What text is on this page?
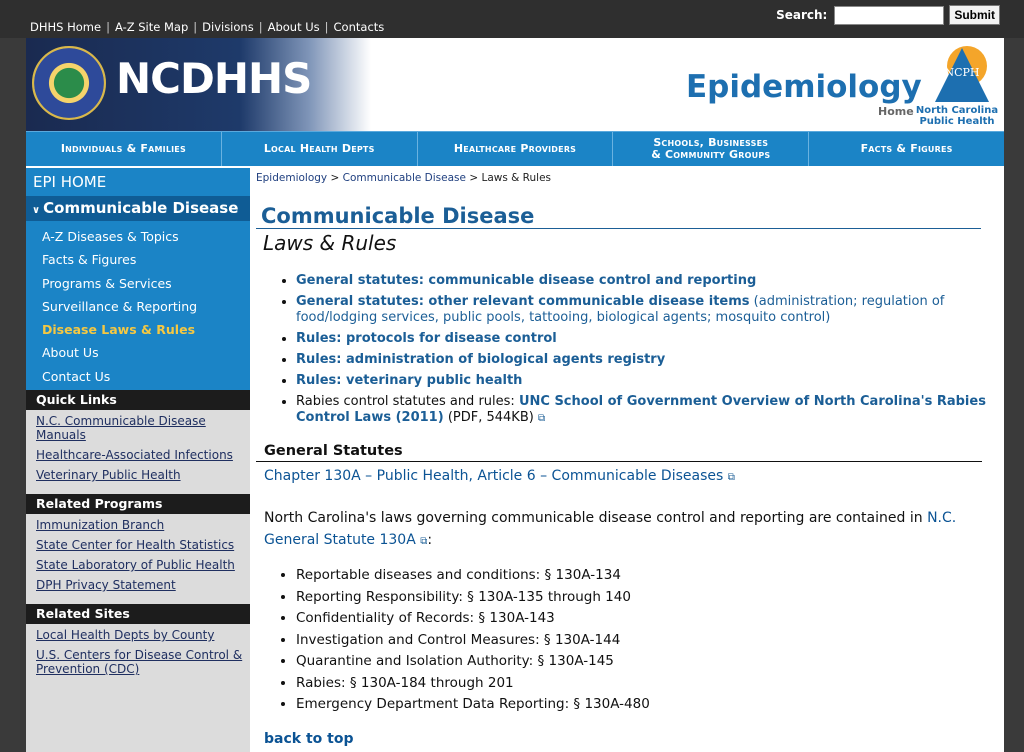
DHHS Home | A-Z Site Map | Divisions | About Us | Contacts
Search:	Submit
NCDHHS	Epidemiology
Home
NCPH
North Carolina
Public Health
Individuals & Families	Local Health Depts	Healthcare Providers	Schools, Businesses
& Community Groups	Facts & Figures
EPI HOME
∨ Communicable Disease
A-Z Diseases & Topics
Facts & Figures
Programs & Services
Surveillance & Reporting
Disease Laws & Rules
About Us
Contact Us
Quick Links
N.C. Communicable Disease Manuals
Healthcare-Associated Infections
Veterinary Public Health
Related Programs
Immunization Branch
State Center for Health Statistics
State Laboratory of Public Health
DPH Privacy Statement
Related Sites
Local Health Depts by County
U.S. Centers for Disease Control & Prevention (CDC)
Epidemiology > Communicable Disease > Laws & Rules
Communicable Disease
Laws & Rules
• General statutes: communicable disease control and reporting
• General statutes: other relevant communicable disease items (administration; regulation of food/lodging services, public pools, tattooing, biological agents; mosquito control)
• Rules: protocols for disease control
• Rules: administration of biological agents registry
• Rules: veterinary public health
• Rabies control statutes and rules: UNC School of Government Overview of North Carolina's Rabies Control Laws (2011) (PDF, 544KB) ⧉
General Statutes
Chapter 130A – Public Health, Article 6 – Communicable Diseases ⧉
North Carolina's laws governing communicable disease control and reporting are contained in N.C. General Statute 130A ⧉:
• Reportable diseases and conditions: § 130A-134
• Reporting Responsibility: § 130A-135 through 140
• Confidentiality of Records: § 130A-143
• Investigation and Control Measures: § 130A-144
• Quarantine and Isolation Authority: § 130A-145
• Rabies: § 130A-184 through 201
• Emergency Department Data Reporting: § 130A-480
back to top
